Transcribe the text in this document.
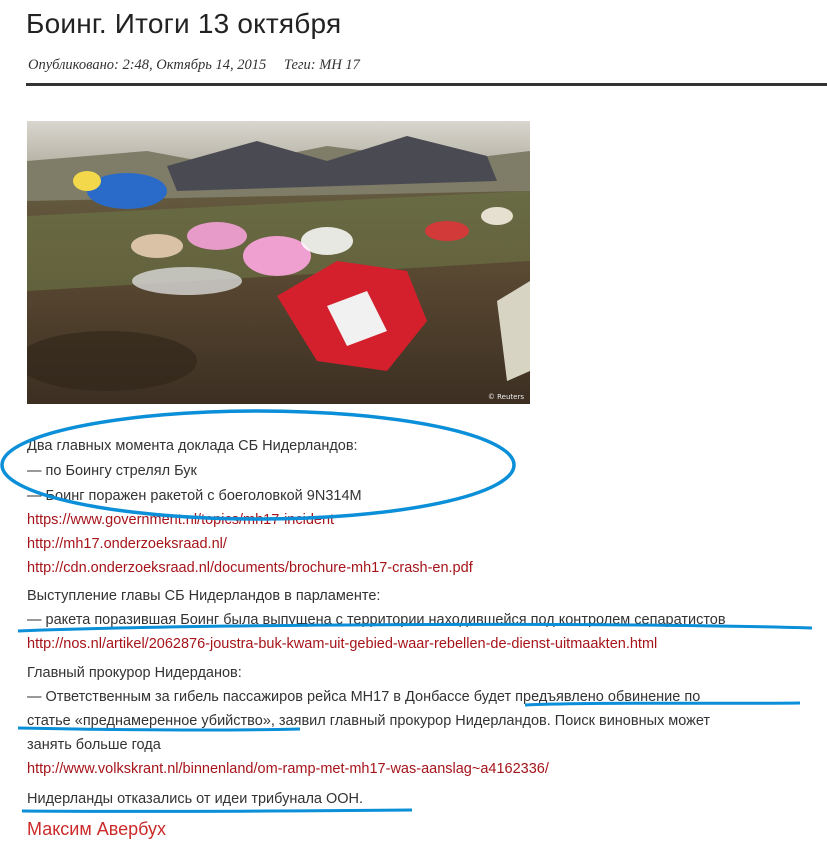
Боинг. Итоги 13 октября
Опубликовано: 2:48, Октябрь 14, 2015 Теги: МН 17
© Reuters
Два главных момента доклада СБ Нидерландов:
— по Боингу стрелял Бук
— Боинг поражен ракетой с боеголовкой 9N314M
https://www.government.nl/topics/mh17-incident
http://mh17.onderzoeksraad.nl/
http://cdn.onderzoeksraad.nl/documents/brochure-mh17-crash-en.pdf
Выступление главы СБ Нидерландов в парламенте:
— ракета поразившая Боинг была выпущена с территории находившейся под контролем сепаратистов
http://nos.nl/artikel/2062876-joustra-buk-kwam-uit-gebied-waar-rebellen-de-dienst-uitmaakten.html
Главный прокурор Нидерданов:
— Ответственным за гибель пассажиров рейса МН17 в Донбассе будет предъявлено обвинение по
статье «преднамеренное убийство», заявил главный прокурор Нидерландов. Поиск виновных может
занять больше года
http://www.volkskrant.nl/binnenland/om-ramp-met-mh17-was-aanslag~a4162336/
Нидерланды отказались от идеи трибунала ООН.
Максим Авербух
